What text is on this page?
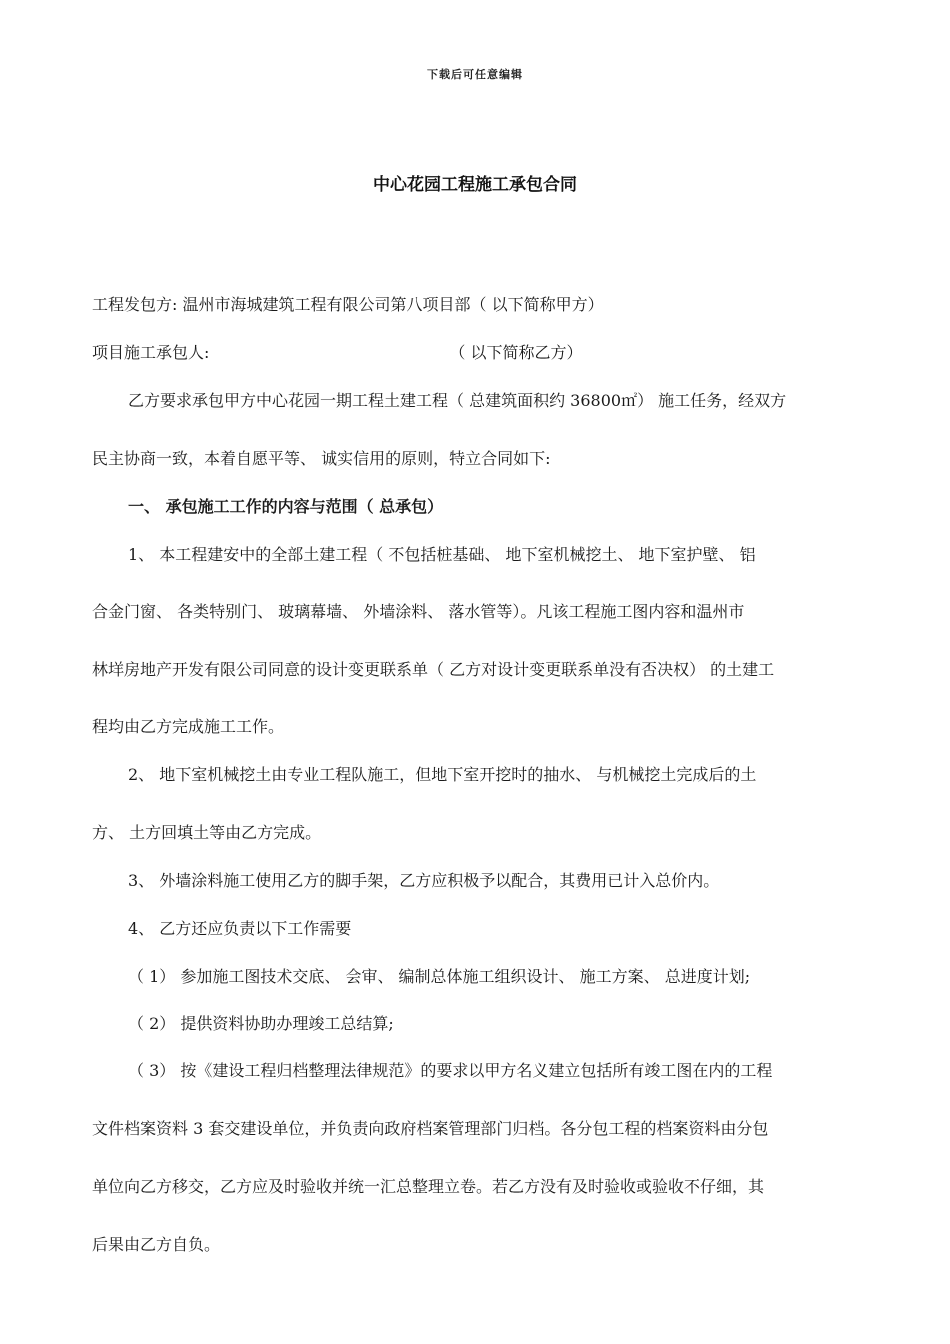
下载后可任意编辑
中心花园工程施工承包合同
工程发包方: 温州市海城建筑工程有限公司第八项目部（ 以下简称甲方）
项目施工承包人:	（ 以下简称乙方）
乙方要求承包甲方中心花园一期工程土建工程（ 总建筑面积约 36800㎡） 施工任务，经双方
民主协商一致，本着自愿平等、 诚实信用的原则，特立合同如下:
一、 承包施工工作的内容与范围（ 总承包）
1、 本工程建安中的全部土建工程（ 不包括桩基础、 地下室机械挖土、 地下室护壁、 铝
合金门窗、 各类特别门、 玻璃幕墙、 外墙涂料、 落水管等）。凡该工程施工图内容和温州市
林垟房地产开发有限公司同意的设计变更联系单（ 乙方对设计变更联系单没有否决权） 的土建工
程均由乙方完成施工工作。
2、 地下室机械挖土由专业工程队施工，但地下室开挖时的抽水、 与机械挖土完成后的土
方、 土方回填土等由乙方完成。
3、 外墙涂料施工使用乙方的脚手架，乙方应积极予以配合，其费用已计入总价内。
4、 乙方还应负责以下工作需要
（ 1） 参加施工图技术交底、 会审、 编制总体施工组织设计、 施工方案、 总进度计划;
（ 2） 提供资料协助办理竣工总结算;
（ 3） 按《建设工程归档整理法律规范》的要求以甲方名义建立包括所有竣工图在内的工程
文件档案资料 3 套交建设单位，并负责向政府档案管理部门归档。各分包工程的档案资料由分包
单位向乙方移交，乙方应及时验收并统一汇总整理立卷。若乙方没有及时验收或验收不仔细，其
后果由乙方自负。
